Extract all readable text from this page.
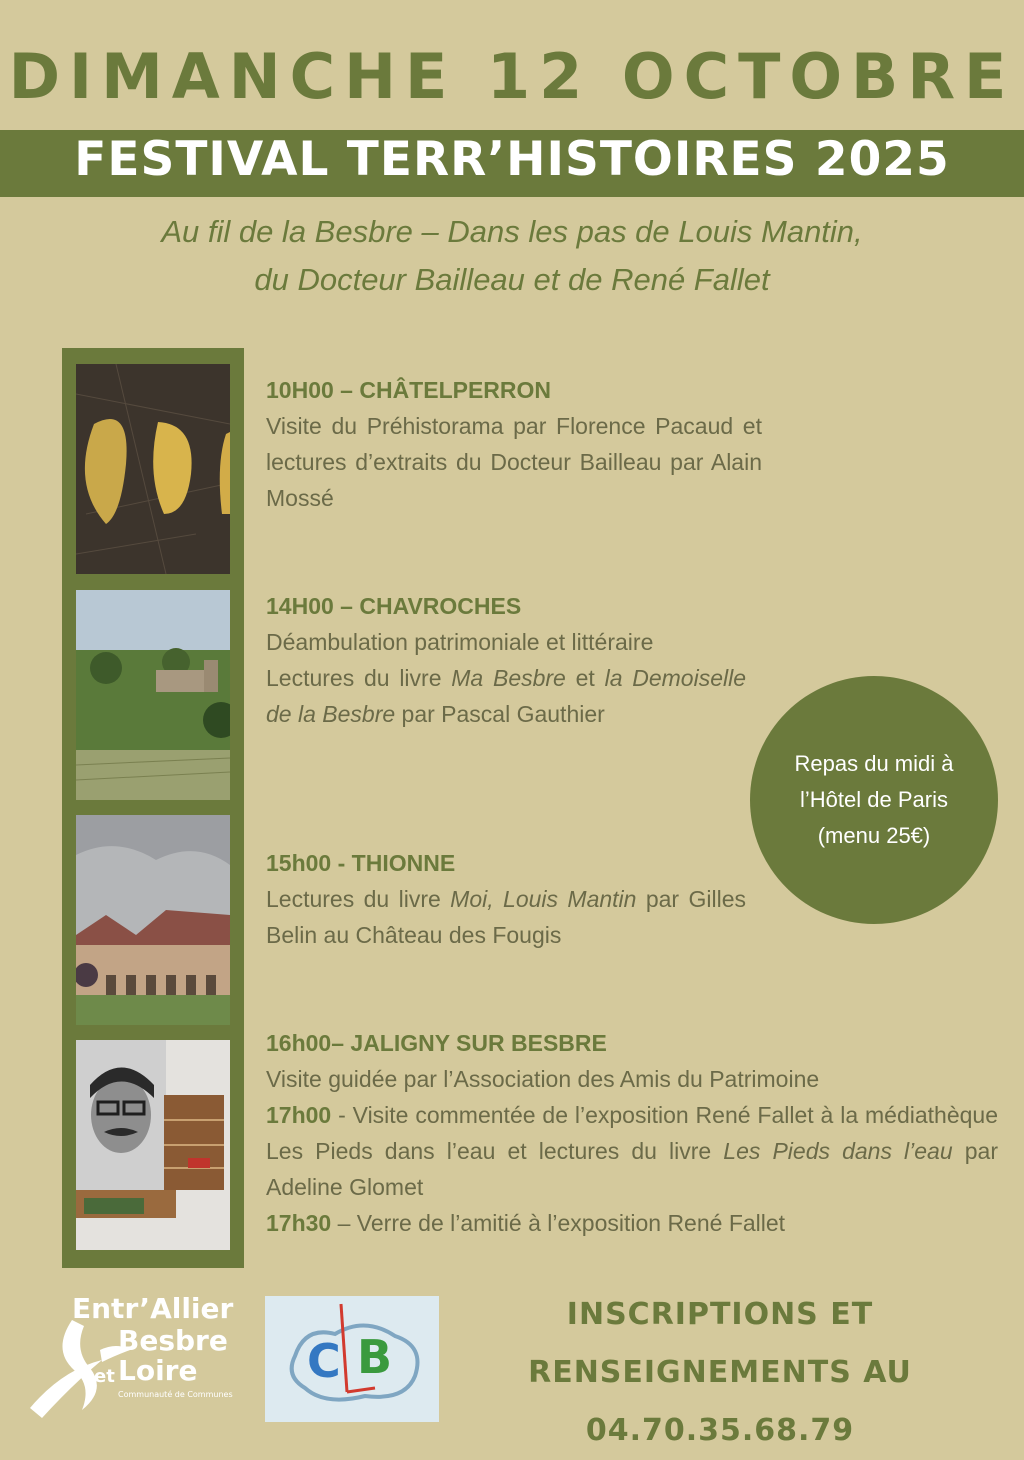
DIMANCHE 12 OCTOBRE
FESTIVAL TERR’HISTOIRES 2025
Au fil de la Besbre – Dans les pas de Louis Mantin,
du Docteur Bailleau et de René Fallet
10H00 – CHÂTELPERRON
Visite du Préhistorama par Florence Pacaud et lectures d’extraits du Docteur Bailleau par Alain Mossé
14H00 – CHAVROCHES
Déambulation patrimoniale et littéraire
Lectures du livre Ma Besbre et la Demoiselle de la Besbre par Pascal Gauthier
15h00 - THIONNE
Lectures du livre Moi, Louis Mantin par Gilles Belin au Château des Fougis
16h00– JALIGNY SUR BESBRE
Visite guidée par l’Association des Amis du Patrimoine
17h00 - Visite commentée de l’exposition René Fallet à la médiathèque Les Pieds dans l’eau et lectures du livre Les Pieds dans l’eau par Adeline Glomet
17h30 – Verre de l’amitié à l’exposition René Fallet
Repas du midi à
l’Hôtel de Paris
(menu 25€)
Entr’Allier
Besbre
et Loire
Communauté de Communes
C B
INSCRIPTIONS ET
RENSEIGNEMENTS AU
04.70.35.68.79
